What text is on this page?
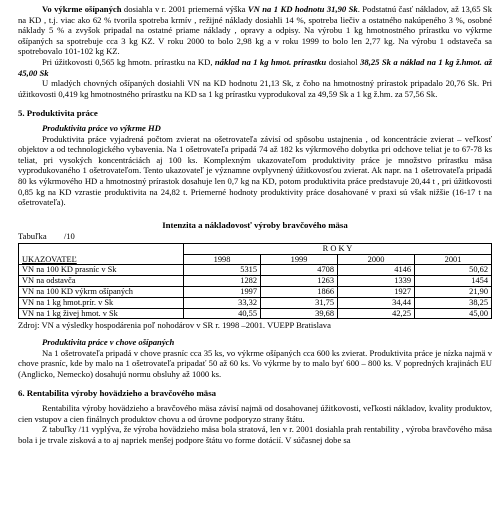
Vo výkrme ošípaných dosiahla v r. 2001 priemerná výška VN na 1 KD hodnotu 31,90 Sk. Podstatnú časť nákladov, až 13,65 Sk na KD , t.j. viac ako 62 % tvorila spotreba krmív , režijné náklady dosiahli 14 %, spotreba liečiv a ostatného nakúpeného 3 %, osobné náklady 5 % a zvyšok pripadal na ostatné priame náklady , opravy a odpisy. Na výrobu 1 kg hmotnostného prírastku vo výkrme ošípaných sa spotrebuje cca 3 kg KZ. V roku 2000 to bolo 2,98 kg a v roku 1999 to bolo len 2,77 kg. Na výrobu 1 odstaveča sa spotrebovalo 101-102 kg KZ.

Pri úžitkovosti 0,565 kg hmotn. prírastku na KD, náklad na 1 kg hmot. prírastku dosiahol 38,25 Sk a náklad na 1 kg ž.hmot. až 45,00 Sk

U mladých chovných ošípaných dosiahli VN na KD hodnotu 21,13 Sk, z čoho na hmotnostný prírastok pripadalo 20,76 Sk. Pri úžitkovosti 0,419 kg hmotnostného prírastku na KD sa 1 kg prírastku vyprodukoval za 49,59 Sk a 1 kg ž.hm. za 57,56 Sk.

5. Produktivita práce
Produktivita práce vo výkrme HD

Produktivita práce vyjadrená počtom zvierat na ošetrovateľa závisí od spôsobu ustajnenia , od koncentrácie zvierat – veľkosť objektov a od technologického vybavenia. Na 1 ošetrovateľa pripadá 74 až 182 ks výkrmového dobytka pri odchove teliat je to 67-78 ks teliat, pri vysokých koncentráciách aj 100 ks. Komplexným ukazovateľom produktivity práce je množstvo prírastku mäsa vyprodukovaného 1 ošetrovateľom. Tento ukazovateľ je významne ovplyvnený úžitkovosťou zvierat. Ak napr. na 1 ošetrovateľa pripadá 80 ks výkrmového HD a hmotnostný prírastok dosahuje len 0,7 kg na KD, potom produktivita práce predstavuje 20,44 t , pri úžitkovosti 0,85 kg na KD vzrastie produktivita na 24,82 t. Priemerné hodnoty produktivity práce dosahované v praxi sú však nižšie (16-17 t na ošetrovateľa).

Intenzita a nákladovosť výroby bravčového mäsa
Tabuľka /10
UKAZOVATEĽ	R O K Y			
	1998	1999	2000	2001
VN na 100 KD prasníc v Sk	5315	4708	4146	50,62
VN na odstavča	1282	1263	1339	1454
VN na 100 KD výkrm ošípaných	1997	1866	1927	21,90
VN na 1 kg hmot.prír. v Sk	33,32	31,75	34,44	38,25
VN na 1 kg živej hmot. v Sk	40,55	39,68	42,25	45,00
Zdroj: VN a výsledky hospodárenia poľ nohodárov v SR r. 1998 –2001. VUEPP Bratislava
Produktivita práce v chove ošípaných

Na 1 ošetrovateľa pripadá v chove prasníc cca 35 ks, vo výkrme ošípaných cca 600 ks zvierat. Produktivita práce je nízka najmä v chove prasníc, kde by malo na 1 ošetrovateľa pripadať 50 až 60 ks. Vo výkrme by to malo byť 600 – 800 ks. V popredných krajinách EU (Anglicko, Nemecko) dosahujú normu obsluhy až 1000 ks.

6. Rentabilita výroby hovädzieho a bravčového mäsa

Rentabilita výroby hovädzieho a bravčového mäsa závisí najmä od dosahovanej úžitkovosti, veľkosti nákladov, kvality produktov, cien vstupov a cien finálnych produktov chovu a od úrovne podporyzo strany štátu.

Z tabuľky /11 vyplýva, že výroba hovädzieho mäsa bola stratová, len v r. 2001 dosiahla prah rentability , výroba bravčového mäsa bola i je trvale zisková a to aj napriek menšej podpore štátu vo forme dotácií. V súčasnej dobe sa
